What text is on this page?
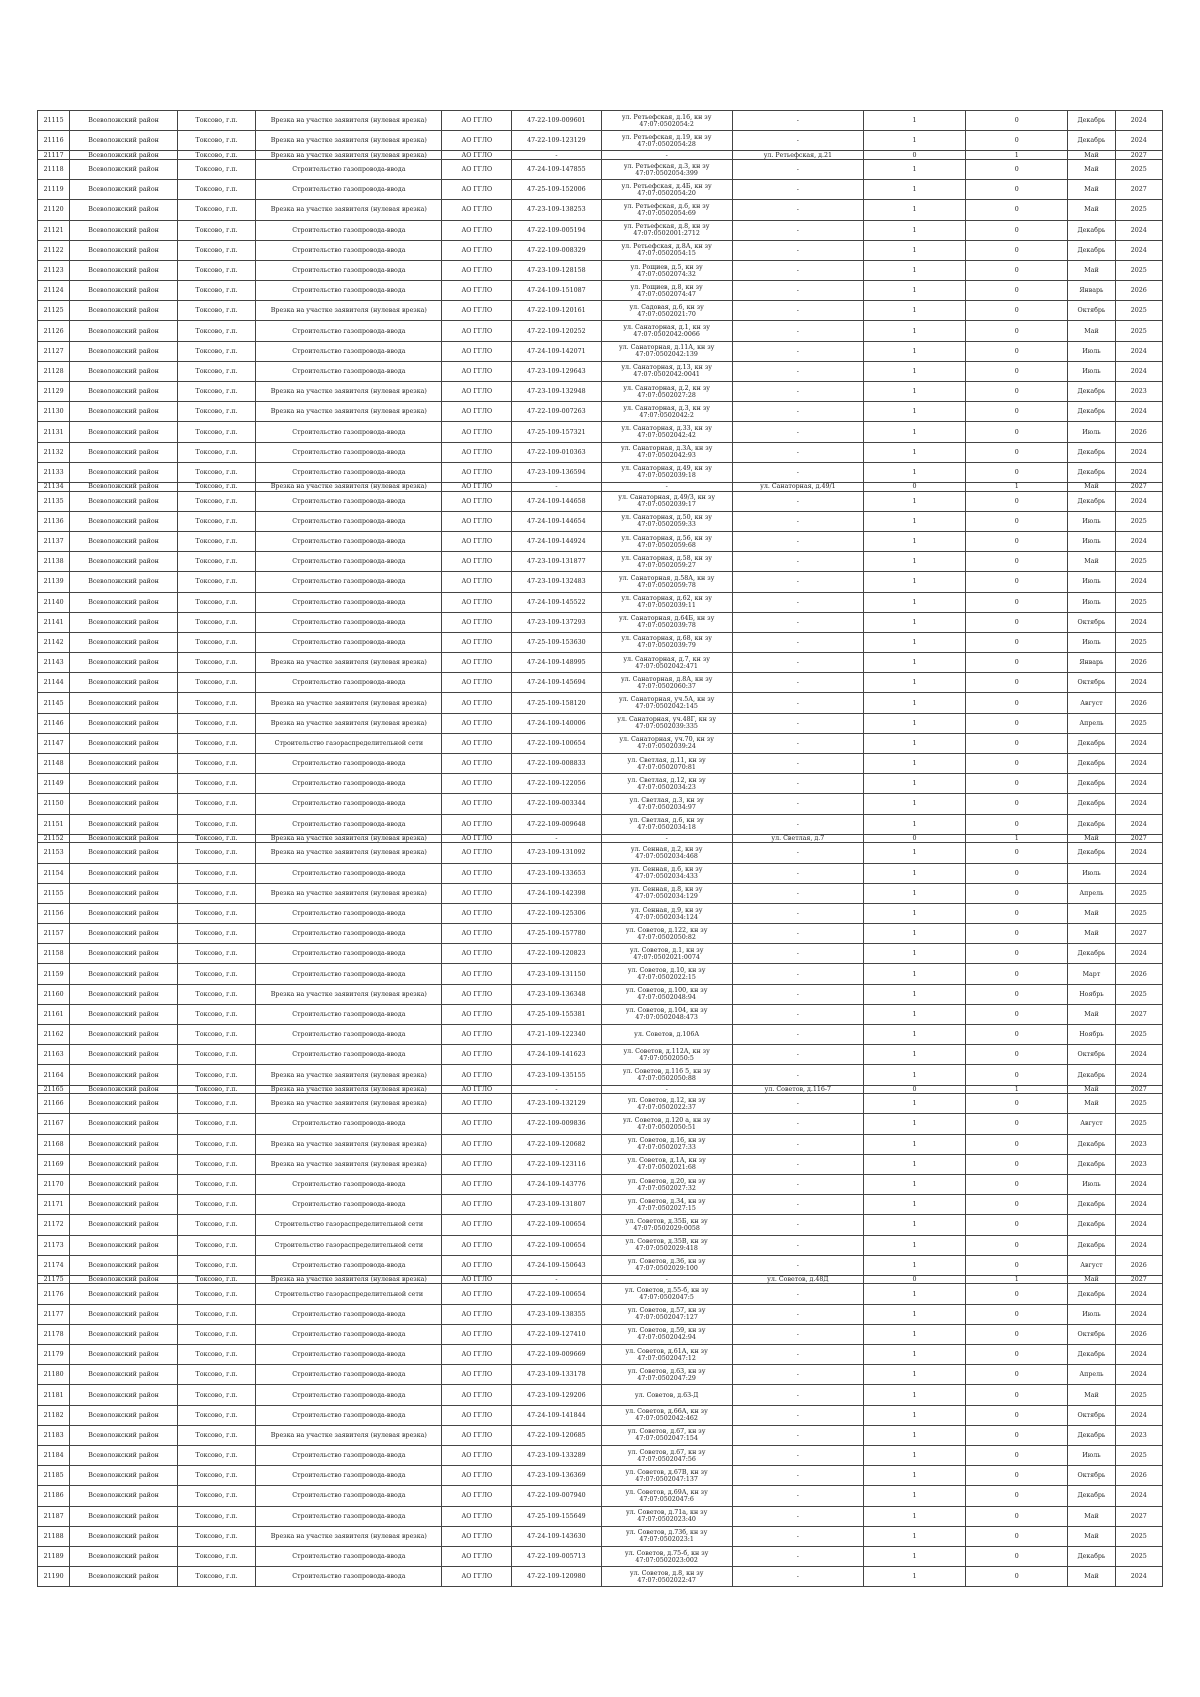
21115	Всеволожский район	Токсово, г.п.	Врезка на участке заявителя (нулевая врезка)	АО ГГЛО	47-22-109-009601	ул. Ретьефская, д.16, кн зу 47:07:0502054:2	-	1	0	Декабрь	2024
21116	Всеволожский район	Токсово, г.п.	Врезка на участке заявителя (нулевая врезка)	АО ГГЛО	47-22-109-123129	ул. Ретьефская, д.19, кн зу 47:07:0502054:28	-	1	0	Декабрь	2024
21117	Всеволожский район	Токсово, г.п.	Врезка на участке заявителя (нулевая врезка)	АО ГГЛО	-	-	ул. Ретьефская, д.21	0	1	Май	2027
21118	Всеволожский район	Токсово, г.п.	Строительство газопровода-ввода	АО ГГЛО	47-24-109-147855	ул. Ретьефская, д.3, кн зу 47:07:0502054:399	-	1	0	Май	2025
21119	Всеволожский район	Токсово, г.п.	Строительство газопровода-ввода	АО ГГЛО	47-25-109-152006	ул. Ретьефская, д.4Б, кн зу 47:07:0502054:20	-	1	0	Май	2027
21120	Всеволожский район	Токсово, г.п.	Врезка на участке заявителя (нулевая врезка)	АО ГГЛО	47-23-109-138253	ул. Ретьефская, д.6, кн зу 47:07:0502054:69	-	1	0	Май	2025
21121	Всеволожский район	Токсово, г.п.	Строительство газопровода-ввода	АО ГГЛО	47-22-109-005194	ул. Ретьефская, д.8, кн зу 47:07:0502001:2712	-	1	0	Декабрь	2024
21122	Всеволожский район	Токсово, г.п.	Строительство газопровода-ввода	АО ГГЛО	47-22-109-008329	ул. Ретьефская, д.8А, кн зу 47:07:0502054:15	-	1	0	Декабрь	2024
21123	Всеволожский район	Токсово, г.п.	Строительство газопровода-ввода	АО ГГЛО	47-23-109-128158	ул. Рощиев, д.5, кн зу 47:07:0502074:32	-	1	0	Май	2025
21124	Всеволожский район	Токсово, г.п.	Строительство газопровода-ввода	АО ГГЛО	47-24-109-151087	ул. Рощиев, д.8, кн зу 47:07:0502074:47	-	1	0	Январь	2026
21125	Всеволожский район	Токсово, г.п.	Врезка на участке заявителя (нулевая врезка)	АО ГГЛО	47-22-109-120161	ул. Садовая, д.6, кн зу 47:07:0502021:70	-	1	0	Октябрь	2025
21126	Всеволожский район	Токсово, г.п.	Строительство газопровода-ввода	АО ГГЛО	47-22-109-120252	ул. Санаторная, д.1, кн зу 47:07:0502042:0066	-	1	0	Май	2025
21127	Всеволожский район	Токсово, г.п.	Строительство газопровода-ввода	АО ГГЛО	47-24-109-142071	ул. Санаторная, д.11А, кн зу 47:07:0502042:139	-	1	0	Июль	2024
21128	Всеволожский район	Токсово, г.п.	Строительство газопровода-ввода	АО ГГЛО	47-23-109-129643	ул. Санаторная, д.13, кн зу 47:07:0502042:0041	-	1	0	Июль	2024
21129	Всеволожский район	Токсово, г.п.	Врезка на участке заявителя (нулевая врезка)	АО ГГЛО	47-23-109-132948	ул. Санаторная, д.2, кн зу 47:07:0502027:28	-	1	0	Декабрь	2023
21130	Всеволожский район	Токсово, г.п.	Врезка на участке заявителя (нулевая врезка)	АО ГГЛО	47-22-109-007263	ул. Санаторная, д.3, кн зу 47:07:0502042:2	-	1	0	Декабрь	2024
21131	Всеволожский район	Токсово, г.п.	Строительство газопровода-ввода	АО ГГЛО	47-25-109-157321	ул. Санаторная, д.33, кн зу 47:07:0502042:42	-	1	0	Июль	2026
21132	Всеволожский район	Токсово, г.п.	Строительство газопровода-ввода	АО ГГЛО	47-22-109-010363	ул. Санаторная, д.3А, кн зу 47:07:0502042:93	-	1	0	Декабрь	2024
21133	Всеволожский район	Токсово, г.п.	Строительство газопровода-ввода	АО ГГЛО	47-23-109-136594	ул. Санаторная, д.49, кн зу 47:07:0502039:18	-	1	0	Декабрь	2024
21134	Всеволожский район	Токсово, г.п.	Врезка на участке заявителя (нулевая врезка)	АО ГГЛО	-	-	ул. Санаторная, д.49/1	0	1	Май	2027
21135	Всеволожский район	Токсово, г.п.	Строительство газопровода-ввода	АО ГГЛО	47-24-109-144658	ул. Санаторная, д.49/3, кн зу 47:07:0502039:17	-	1	0	Декабрь	2024
21136	Всеволожский район	Токсово, г.п.	Строительство газопровода-ввода	АО ГГЛО	47-24-109-144654	ул. Санаторная, д.50, кн зу 47:07:0502059:33	-	1	0	Июль	2025
21137	Всеволожский район	Токсово, г.п.	Строительство газопровода-ввода	АО ГГЛО	47-24-109-144924	ул. Санаторная, д.56, кн зу 47:07:0502059:68	-	1	0	Июль	2024
21138	Всеволожский район	Токсово, г.п.	Строительство газопровода-ввода	АО ГГЛО	47-23-109-131877	ул. Санаторная, д.58, кн зу 47:07:0502059:27	-	1	0	Май	2025
21139	Всеволожский район	Токсово, г.п.	Строительство газопровода-ввода	АО ГГЛО	47-23-109-132483	ул. Санаторная, д.58А, кн зу 47:07:0502059:78	-	1	0	Июль	2024
21140	Всеволожский район	Токсово, г.п.	Строительство газопровода-ввода	АО ГГЛО	47-24-109-145522	ул. Санаторная, д.62, кн зу 47:07:0502039:11	-	1	0	Июль	2025
21141	Всеволожский район	Токсово, г.п.	Строительство газопровода-ввода	АО ГГЛО	47-23-109-137293	ул. Санаторная, д.64Б, кн зу 47:07:0502039:78	-	1	0	Октябрь	2024
21142	Всеволожский район	Токсово, г.п.	Строительство газопровода-ввода	АО ГГЛО	47-25-109-153630	ул. Санаторная, д.68, кн зу 47:07:0502039:79	-	1	0	Июль	2025
21143	Всеволожский район	Токсово, г.п.	Врезка на участке заявителя (нулевая врезка)	АО ГГЛО	47-24-109-148995	ул. Санаторная, д.7, кн зу 47:07:0502042:471	-	1	0	Январь	2026
21144	Всеволожский район	Токсово, г.п.	Строительство газопровода-ввода	АО ГГЛО	47-24-109-145694	ул. Санаторная, д.8А, кн зу 47:07:0502060:37	-	1	0	Октябрь	2024
21145	Всеволожский район	Токсово, г.п.	Врезка на участке заявителя (нулевая врезка)	АО ГГЛО	47-25-109-158120	ул. Санаторная, уч.5А, кн зу 47:07:0502042:145	-	1	0	Август	2026
21146	Всеволожский район	Токсово, г.п.	Врезка на участке заявителя (нулевая врезка)	АО ГГЛО	47-24-109-140006	ул. Санаторная, уч.48Г, кн зу 47:07:0502039:335	-	1	0	Апрель	2025
21147	Всеволожский район	Токсово, г.п.	Строительство газораспределительной сети	АО ГГЛО	47-22-109-100654	ул. Санаторная, уч.70, кн зу 47:07:0502039:24	-	1	0	Декабрь	2024
21148	Всеволожский район	Токсово, г.п.	Строительство газопровода-ввода	АО ГГЛО	47-22-109-008833	ул. Светлая, д.11, кн зу 47:07:0502070:81	-	1	0	Декабрь	2024
21149	Всеволожский район	Токсово, г.п.	Строительство газопровода-ввода	АО ГГЛО	47-22-109-122056	ул. Светлая, д.12, кн зу 47:07:0502034:23	-	1	0	Декабрь	2024
21150	Всеволожский район	Токсово, г.п.	Строительство газопровода-ввода	АО ГГЛО	47-22-109-003344	ул. Светлая, д.3, кн зу 47:07:0502034:97	-	1	0	Декабрь	2024
21151	Всеволожский район	Токсово, г.п.	Строительство газопровода-ввода	АО ГГЛО	47-22-109-009648	ул. Светлая, д.6, кн зу 47:07:0502034:18	-	1	0	Декабрь	2024
21152	Всеволожский район	Токсово, г.п.	Врезка на участке заявителя (нулевая врезка)	АО ГГЛО	-	-	ул. Светлая, д.7	0	1	Май	2027
21153	Всеволожский район	Токсово, г.п.	Врезка на участке заявителя (нулевая врезка)	АО ГГЛО	47-23-109-131092	ул. Сенная, д.2, кн зу 47:07:0502034:468	-	1	0	Декабрь	2024
21154	Всеволожский район	Токсово, г.п.	Строительство газопровода-ввода	АО ГГЛО	47-23-109-133653	ул. Сенная, д.6, кн зу 47:07:0502034:433	-	1	0	Июль	2024
21155	Всеволожский район	Токсово, г.п.	Врезка на участке заявителя (нулевая врезка)	АО ГГЛО	47-24-109-142398	ул. Сенная, д.8, кн зу 47:07:0502034:129	-	1	0	Апрель	2025
21156	Всеволожский район	Токсово, г.п.	Строительство газопровода-ввода	АО ГГЛО	47-22-109-125306	ул. Сенная, д.9, кн зу 47:07:0502034:124	-	1	0	Май	2025
21157	Всеволожский район	Токсово, г.п.	Строительство газопровода-ввода	АО ГГЛО	47-25-109-157780	ул. Советов, д.122, кн зу 47:07:0502050:82	-	1	0	Май	2027
21158	Всеволожский район	Токсово, г.п.	Строительство газопровода-ввода	АО ГГЛО	47-22-109-120823	ул. Советов, д.1, кн зу 47:07:0502021:0074	-	1	0	Декабрь	2024
21159	Всеволожский район	Токсово, г.п.	Строительство газопровода-ввода	АО ГГЛО	47-23-109-131150	ул. Советов, д.10, кн зу 47:07:0502022:15	-	1	0	Март	2026
21160	Всеволожский район	Токсово, г.п.	Врезка на участке заявителя (нулевая врезка)	АО ГГЛО	47-23-109-136348	ул. Советов, д.100, кн зу 47:07:0502048:94	-	1	0	Ноябрь	2025
21161	Всеволожский район	Токсово, г.п.	Строительство газопровода-ввода	АО ГГЛО	47-25-109-155381	ул. Советов, д.104, кн зу 47:07:0502048:473	-	1	0	Май	2027
21162	Всеволожский район	Токсово, г.п.	Строительство газопровода-ввода	АО ГГЛО	47-21-109-122340	ул. Советов, д.106А	-	1	0	Ноябрь	2025
21163	Всеволожский район	Токсово, г.п.	Строительство газопровода-ввода	АО ГГЛО	47-24-109-141623	ул. Советов, д.112А, кн зу 47:07:0502050:5	-	1	0	Октябрь	2024
21164	Всеволожский район	Токсово, г.п.	Врезка на участке заявителя (нулевая врезка)	АО ГГЛО	47-23-109-135155	ул. Советов, д.116 5, кн зу 47:07:0502050:88	-	1	0	Декабрь	2024
21165	Всеволожский район	Токсово, г.п.	Врезка на участке заявителя (нулевая врезка)	АО ГГЛО	-	-	ул. Советов, д.116-7	0	1	Май	2027
21166	Всеволожский район	Токсово, г.п.	Врезка на участке заявителя (нулевая врезка)	АО ГГЛО	47-23-109-132129	ул. Советов, д.12, кн зу 47:07:0502022:37	-	1	0	Май	2025
21167	Всеволожский район	Токсово, г.п.	Строительство газопровода-ввода	АО ГГЛО	47-22-109-009836	ул. Советов, д.120 а, кн зу 47:07:0502050:51	-	1	0	Август	2025
21168	Всеволожский район	Токсово, г.п.	Врезка на участке заявителя (нулевая врезка)	АО ГГЛО	47-22-109-120682	ул. Советов, д.16, кн зу 47:07:0502027:33	-	1	0	Декабрь	2023
21169	Всеволожский район	Токсово, г.п.	Врезка на участке заявителя (нулевая врезка)	АО ГГЛО	47-22-109-123116	ул. Советов, д.1А, кн зу 47:07:0502021:68	-	1	0	Декабрь	2023
21170	Всеволожский район	Токсово, г.п.	Строительство газопровода-ввода	АО ГГЛО	47-24-109-143776	ул. Советов, д.20, кн зу 47:07:0502027:32	-	1	0	Июль	2024
21171	Всеволожский район	Токсово, г.п.	Строительство газопровода-ввода	АО ГГЛО	47-23-109-131807	ул. Советов, д.34, кн зу 47:07:0502027:15	-	1	0	Декабрь	2024
21172	Всеволожский район	Токсово, г.п.	Строительство газораспределительной сети	АО ГГЛО	47-22-109-100654	ул. Советов, д.35Б, кн зу 47:07:0502029:0058	-	1	0	Декабрь	2024
21173	Всеволожский район	Токсово, г.п.	Строительство газораспределительной сети	АО ГГЛО	47-22-109-100654	ул. Советов, д.35В, кн зу 47:07:0502029:418	-	1	0	Декабрь	2024
21174	Всеволожский район	Токсово, г.п.	Строительство газопровода-ввода	АО ГГЛО	47-24-109-150643	ул. Советов, д.36, кн зу 47:07:0502029:100	-	1	0	Август	2026
21175	Всеволожский район	Токсово, г.п.	Врезка на участке заявителя (нулевая врезка)	АО ГГЛО	-	-	ул. Советов, д.48Д	0	1	Май	2027
21176	Всеволожский район	Токсово, г.п.	Строительство газораспределительной сети	АО ГГЛО	47-22-109-100654	ул. Советов, д.55-б, кн зу 47:07:0502047:5	-	1	0	Декабрь	2024
21177	Всеволожский район	Токсово, г.п.	Строительство газопровода-ввода	АО ГГЛО	47-23-109-138355	ул. Советов, д.57, кн зу 47:07:0502047:127	-	1	0	Июль	2024
21178	Всеволожский район	Токсово, г.п.	Строительство газопровода-ввода	АО ГГЛО	47-22-109-127410	ул. Советов, д.59, кн зу 47:07:0502042:94	-	1	0	Октябрь	2026
21179	Всеволожский район	Токсово, г.п.	Строительство газопровода-ввода	АО ГГЛО	47-22-109-009669	ул. Советов, д.61А, кн зу 47:07:0502047:12	-	1	0	Декабрь	2024
21180	Всеволожский район	Токсово, г.п.	Строительство газопровода-ввода	АО ГГЛО	47-23-109-133178	ул. Советов, д.63, кн зу 47:07:0502047:29	-	1	0	Апрель	2024
21181	Всеволожский район	Токсово, г.п.	Строительство газопровода-ввода	АО ГГЛО	47-23-109-129206	ул. Советов, д.63-Д	-	1	0	Май	2025
21182	Всеволожский район	Токсово, г.п.	Строительство газопровода-ввода	АО ГГЛО	47-24-109-141844	ул. Советов, д.66А, кн зу 47:07:0502042:462	-	1	0	Октябрь	2024
21183	Всеволожский район	Токсово, г.п.	Врезка на участке заявителя (нулевая врезка)	АО ГГЛО	47-22-109-120685	ул. Советов, д.67, кн зу 47:07:0502047:154	-	1	0	Декабрь	2023
21184	Всеволожский район	Токсово, г.п.	Строительство газопровода-ввода	АО ГГЛО	47-23-109-133289	ул. Советов, д.67, кн зу 47:07:0502047:56	-	1	0	Июль	2025
21185	Всеволожский район	Токсово, г.п.	Строительство газопровода-ввода	АО ГГЛО	47-23-109-136369	ул. Советов, д.67В, кн зу 47:07:0502047:137	-	1	0	Октябрь	2026
21186	Всеволожский район	Токсово, г.п.	Строительство газопровода-ввода	АО ГГЛО	47-22-109-007940	ул. Советов, д.69А, кн зу 47:07:0502047:6	-	1	0	Декабрь	2024
21187	Всеволожский район	Токсово, г.п.	Строительство газопровода-ввода	АО ГГЛО	47-25-109-155649	ул. Советов, д.71а, кн зу 47:07:0502023:40	-	1	0	Май	2027
21188	Всеволожский район	Токсово, г.п.	Врезка на участке заявителя (нулевая врезка)	АО ГГЛО	47-24-109-143630	ул. Советов, д.73б, кн зу 47:07:0502023:1	-	1	0	Май	2025
21189	Всеволожский район	Токсово, г.п.	Строительство газопровода-ввода	АО ГГЛО	47-22-109-005713	ул. Советов, д.75-б, кн зу 47:07:0502023:002	-	1	0	Декабрь	2025
21190	Всеволожский район	Токсово, г.п.	Строительство газопровода-ввода	АО ГГЛО	47-22-109-120980	ул. Советов, д.8, кн зу 47:07:0502022:47	-	1	0	Май	2024
